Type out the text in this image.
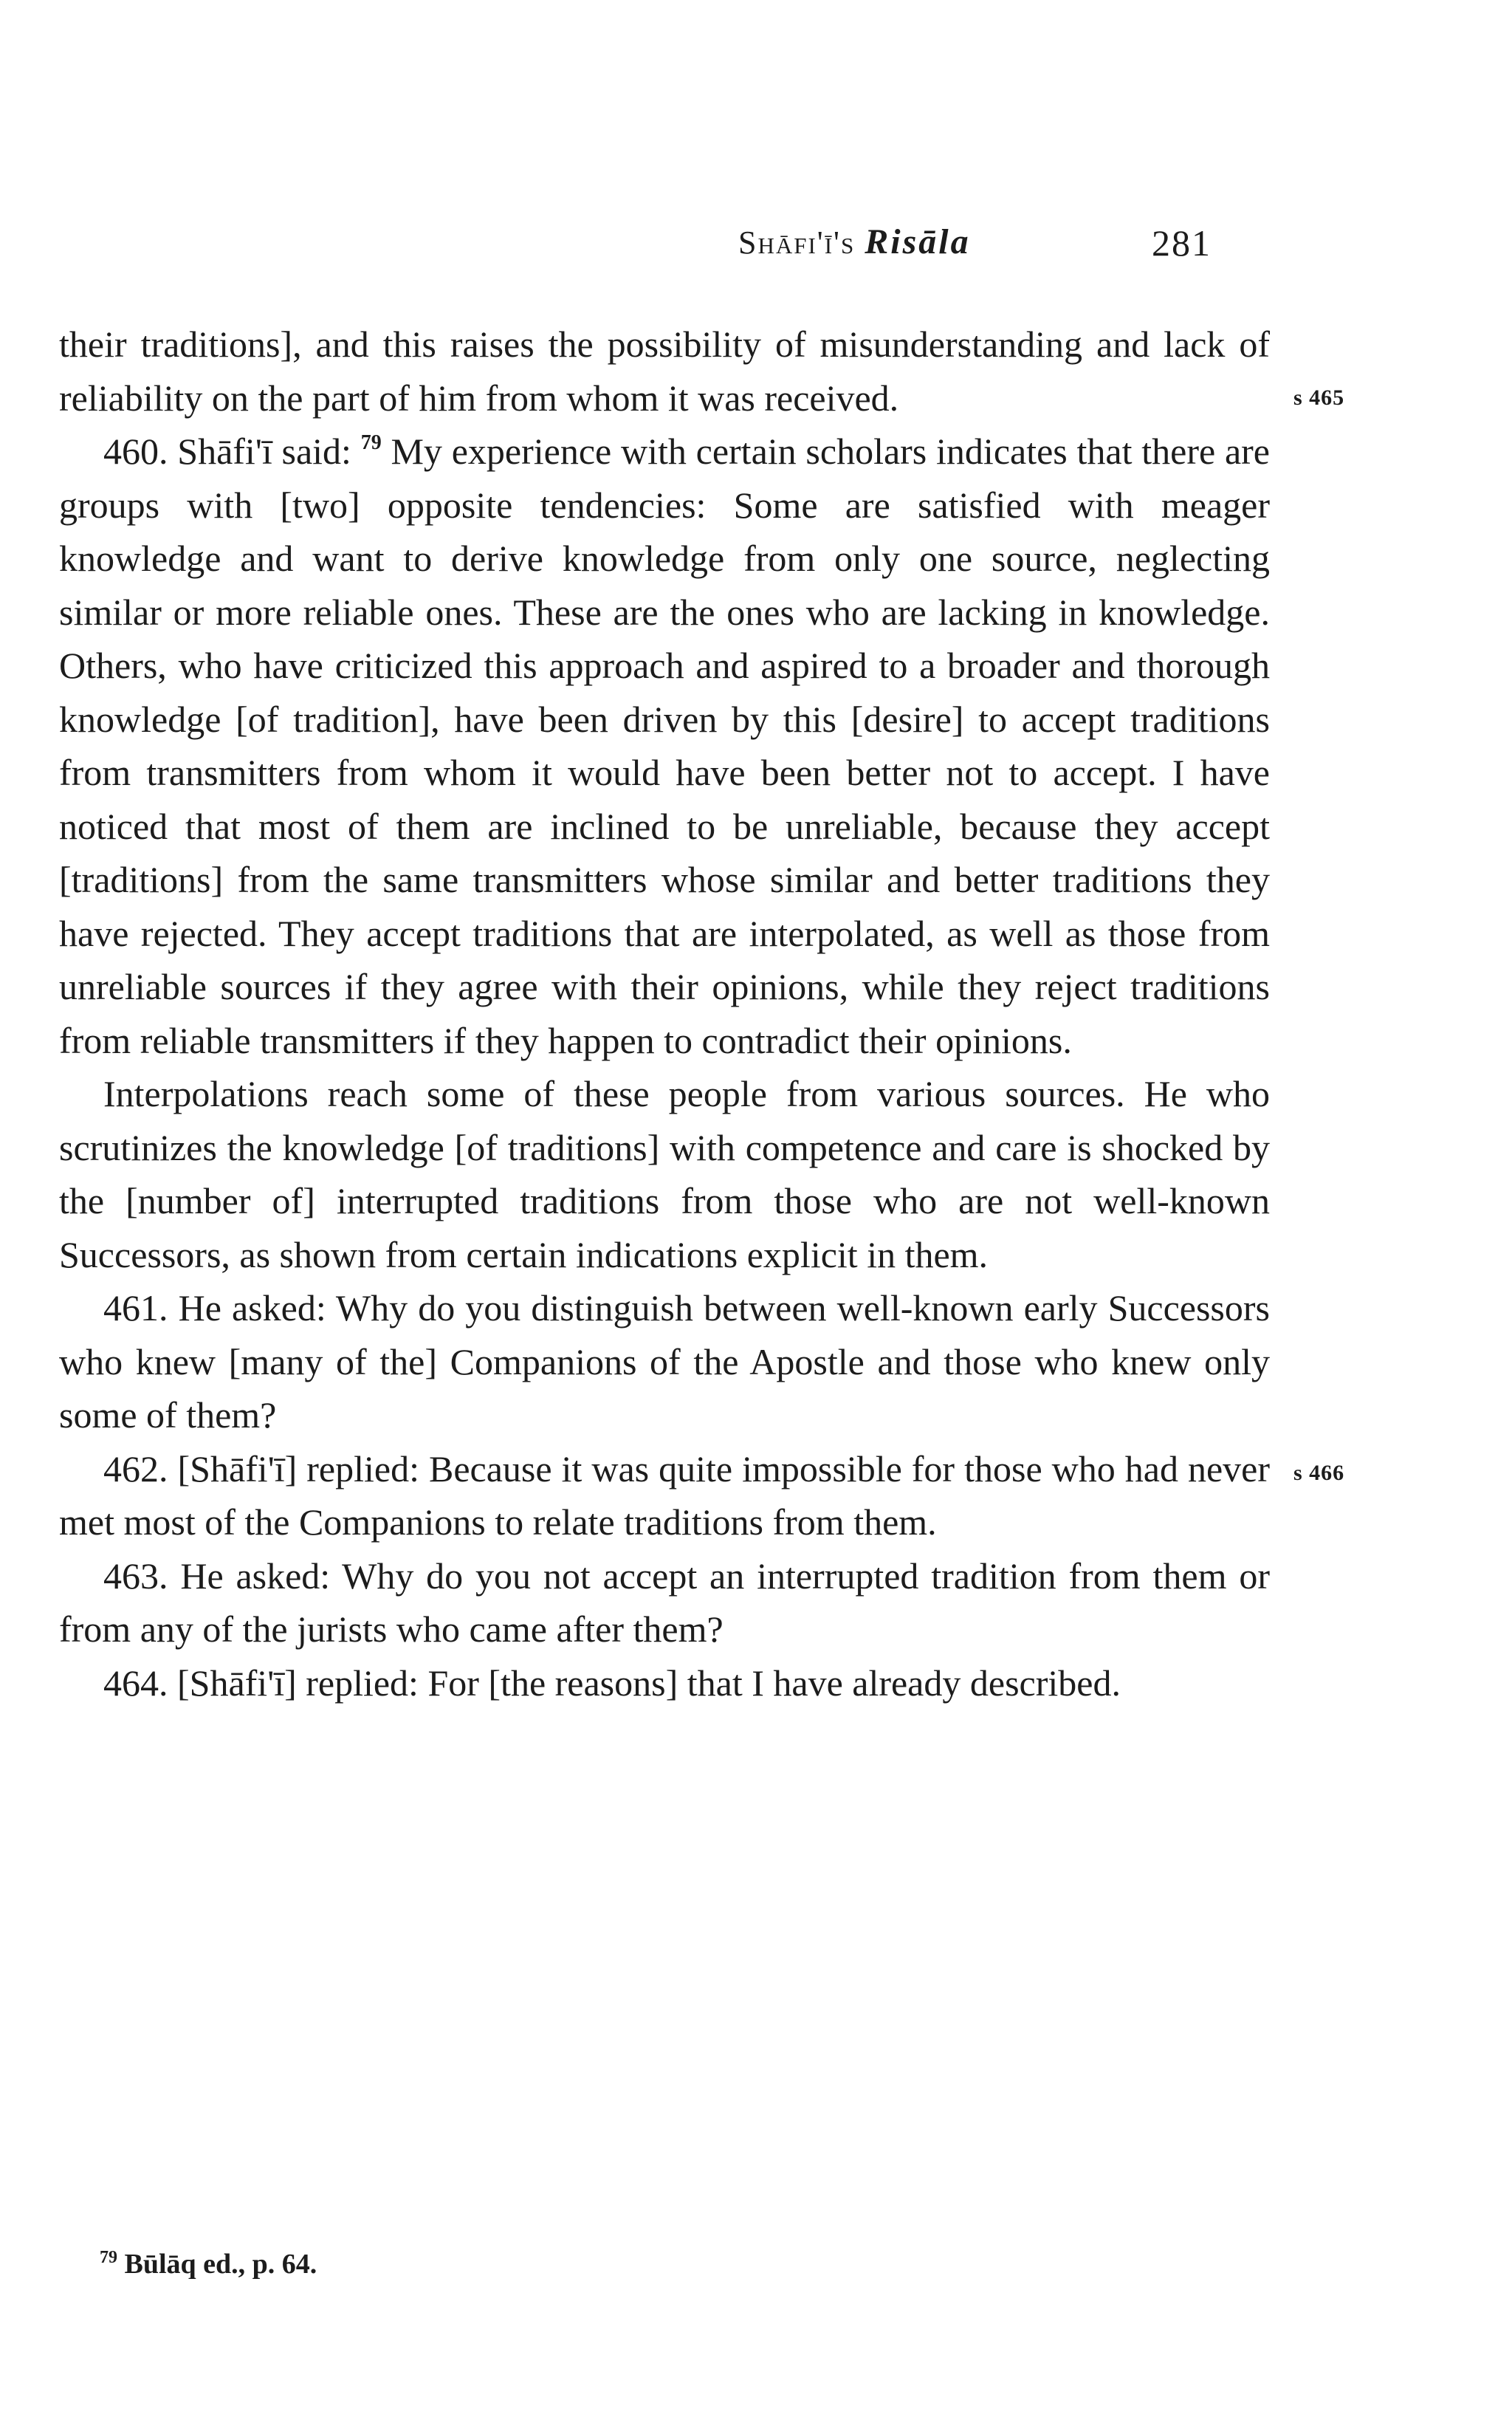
Shāfi'ī's Risāla	281

their traditions], and this raises the possibility of misunderstanding and lack of reliability on the part of him from whom it was received.

460. Shāfi'ī said: $^{79}$ My experience with certain scholars indicates that there are groups with [two] opposite tendencies: Some are satisfied with meager knowledge and want to derive knowledge from only one source, neglecting similar or more reliable ones. These are the ones who are lacking in knowledge. Others, who have criticized this approach and aspired to a broader and thorough knowledge [of tradition], have been driven by this [desire] to accept traditions from transmitters from whom it would have been better not to accept. I have noticed that most of them are inclined to be unreliable, because they accept [traditions] from the same transmitters whose similar and better traditions they have rejected. They accept traditions that are interpolated, as well as those from unreliable sources if they agree with their opinions, while they reject traditions from reliable transmitters if they happen to contradict their opinions.

Interpolations reach some of these people from various sources. He who scrutinizes the knowledge [of traditions] with competence and care is shocked by the [number of] interrupted traditions from those who are not well-known Successors, as shown from certain indications explicit in them.

461. He asked: Why do you distinguish between well-known early Successors who knew [many of the] Companions of the Apostle and those who knew only some of them?

462. [Shāfi'ī] replied: Because it was quite impossible for those who had never met most of the Companions to relate traditions from them.

463. He asked: Why do you not accept an interrupted tradition from them or from any of the jurists who came after them?

464. [Shāfi'ī] replied: For [the reasons] that I have already described.

s 465
s 466
$^{79}$ Būlāq ed., p. 64.
